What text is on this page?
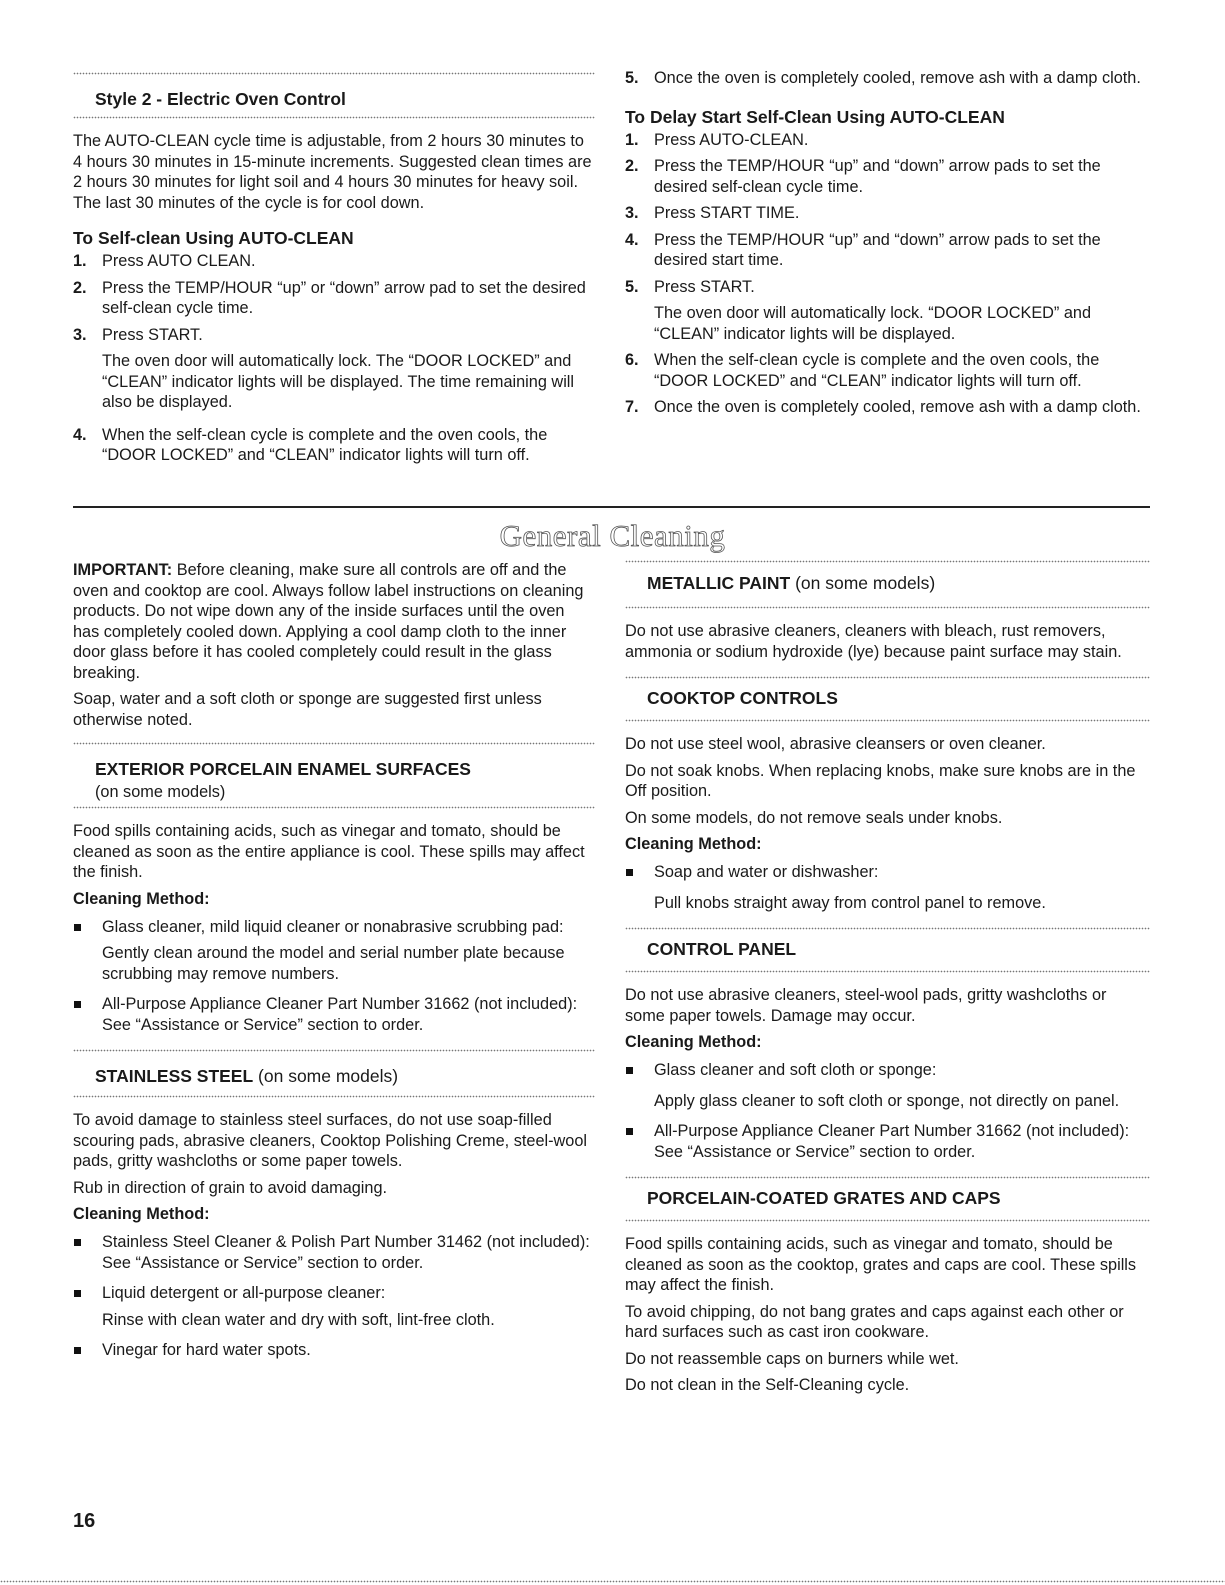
Style 2 - Electric Oven Control

The AUTO-CLEAN cycle time is adjustable, from 2 hours 30 minutes to 4 hours 30 minutes in 15-minute increments. Suggested clean times are 2 hours 30 minutes for light soil and 4 hours 30 minutes for heavy soil. The last 30 minutes of the cycle is for cool down.

To Self-clean Using AUTO-CLEAN
1. Press AUTO CLEAN.

2. Press the TEMP/HOUR “up” or “down” arrow pad to set the desired self-clean cycle time.

3. Press START.

The oven door will automatically lock. The “DOOR LOCKED” and “CLEAN” indicator lights will be displayed. The time remaining will also be displayed.

4. When the self-clean cycle is complete and the oven cools, the “DOOR LOCKED” and “CLEAN” indicator lights will turn off.

5. Once the oven is completely cooled, remove ash with a damp cloth.

To Delay Start Self-Clean Using AUTO-CLEAN
1. Press AUTO-CLEAN.

2. Press the TEMP/HOUR “up” and “down” arrow pads to set the desired self-clean cycle time.

3. Press START TIME.

4. Press the TEMP/HOUR “up” and “down” arrow pads to set the desired start time.

5. Press START.

The oven door will automatically lock. “DOOR LOCKED” and “CLEAN” indicator lights will be displayed.

6. When the self-clean cycle is complete and the oven cools, the “DOOR LOCKED” and “CLEAN” indicator lights will turn off.

7. Once the oven is completely cooled, remove ash with a damp cloth.

General Cleaning

IMPORTANT: Before cleaning, make sure all controls are off and the oven and cooktop are cool. Always follow label instructions on cleaning products. Do not wipe down any of the inside surfaces until the oven has completely cooled down. Applying a cool damp cloth to the inner door glass before it has cooled completely could result in the glass breaking.

Soap, water and a soft cloth or sponge are suggested first unless otherwise noted.

EXTERIOR PORCELAIN ENAMEL SURFACES
(on some models)

Food spills containing acids, such as vinegar and tomato, should be cleaned as soon as the entire appliance is cool. These spills may affect the finish.

Cleaning Method:

Glass cleaner, mild liquid cleaner or nonabrasive scrubbing pad:

Gently clean around the model and serial number plate because scrubbing may remove numbers.

All-Purpose Appliance Cleaner Part Number 31662 (not included):

See “Assistance or Service” section to order.

STAINLESS STEEL (on some models)

To avoid damage to stainless steel surfaces, do not use soap-filled scouring pads, abrasive cleaners, Cooktop Polishing Creme, steel-wool pads, gritty washcloths or some paper towels.

Rub in direction of grain to avoid damaging.

Cleaning Method:

Stainless Steel Cleaner & Polish Part Number 31462 (not included):

See “Assistance or Service” section to order.

Liquid detergent or all-purpose cleaner:

Rinse with clean water and dry with soft, lint-free cloth.

Vinegar for hard water spots.

METALLIC PAINT (on some models)

Do not use abrasive cleaners, cleaners with bleach, rust removers, ammonia or sodium hydroxide (lye) because paint surface may stain.

COOKTOP CONTROLS

Do not use steel wool, abrasive cleansers or oven cleaner.

Do not soak knobs. When replacing knobs, make sure knobs are in the Off position.

On some models, do not remove seals under knobs.

Cleaning Method:

Soap and water or dishwasher:

Pull knobs straight away from control panel to remove.

CONTROL PANEL

Do not use abrasive cleaners, steel-wool pads, gritty washcloths or some paper towels. Damage may occur.

Cleaning Method:

Glass cleaner and soft cloth or sponge:

Apply glass cleaner to soft cloth or sponge, not directly on panel.

All-Purpose Appliance Cleaner Part Number 31662 (not included):

See “Assistance or Service” section to order.

PORCELAIN-COATED GRATES AND CAPS

Food spills containing acids, such as vinegar and tomato, should be cleaned as soon as the cooktop, grates and caps are cool. These spills may affect the finish.

To avoid chipping, do not bang grates and caps against each other or hard surfaces such as cast iron cookware.

Do not reassemble caps on burners while wet.

Do not clean in the Self-Cleaning cycle.

16
